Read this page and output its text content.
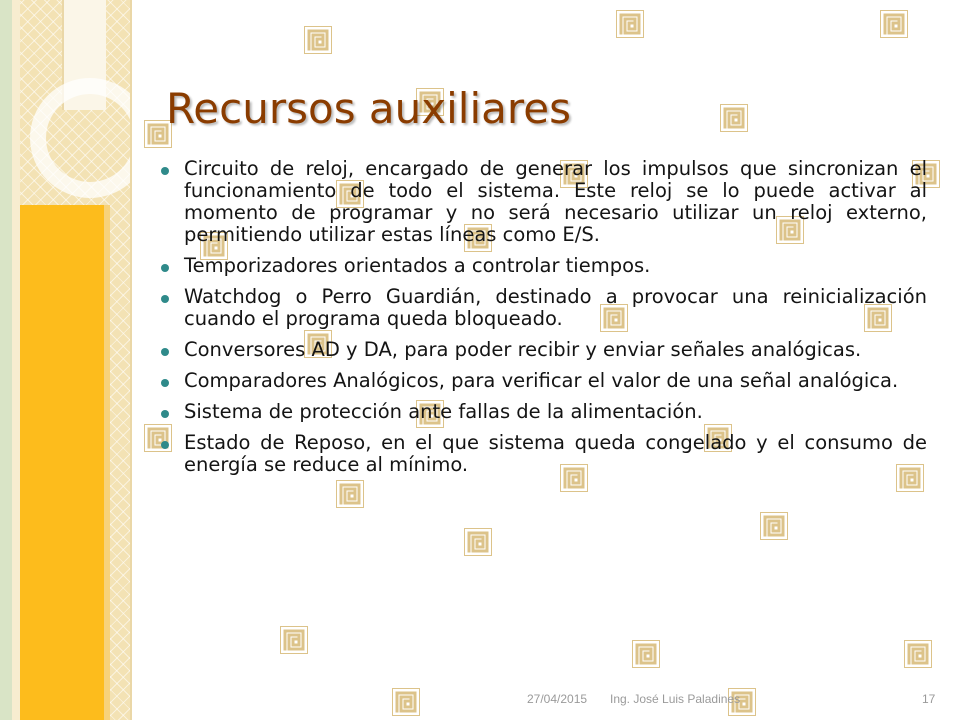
Recursos auxiliares
Circuito de reloj, encargado de generar los impulsos que sincronizan el funcionamiento de todo el sistema. Este reloj se lo puede activar al momento de programar y no será necesario utilizar un reloj externo, permitiendo utilizar estas líneas como E/S.
Temporizadores orientados a controlar tiempos.
Watchdog o Perro Guardián, destinado a provocar una reinicialización cuando el programa queda bloqueado.
Conversores AD y DA, para poder recibir y enviar señales analógicas.
Comparadores Analógicos, para verificar el valor de una señal analógica.
Sistema de protección ante fallas de la alimentación.
Estado de Reposo, en el que sistema queda congelado y el consumo de energía se reduce al mínimo.
27/04/2015 Ing. José Luis Paladines	17
